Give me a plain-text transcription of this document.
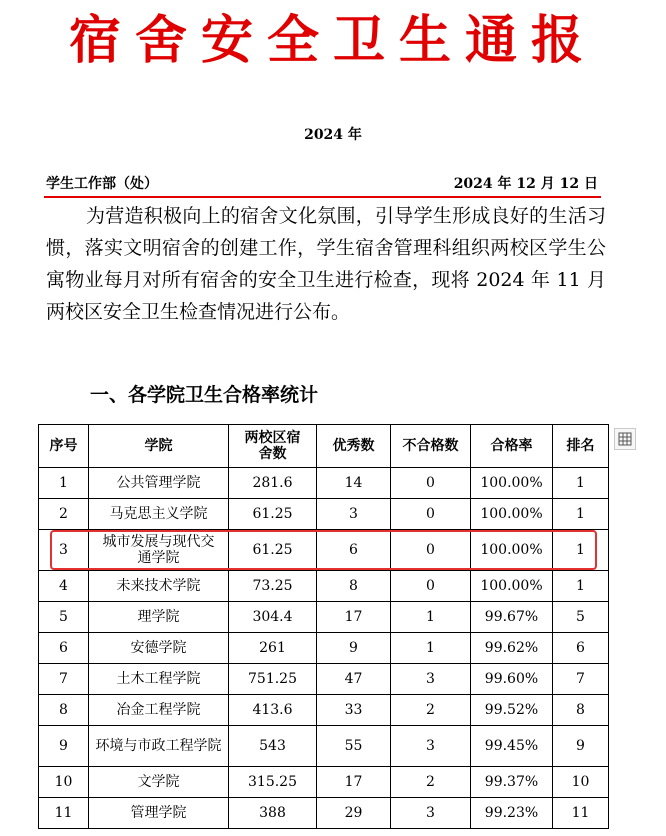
宿舍安全卫生通报
2024 年
学生工作部（处）	2024 年 12 月 12 日

为营造积极向上的宿舍文化氛围，引导学生形成良好的生活习惯，落实文明宿舍的创建工作，学生宿舍管理科组织两校区学生公寓物业每月对所有宿舍的安全卫生进行检查，现将 2024 年 11 月两校区安全卫生检查情况进行公布。

一、各学院卫生合格率统计
序号	学院	两校区宿舍数	优秀数	不合格数	合格率	排名
1	公共管理学院	281.6	14	0	100.00%	1
2	马克思主义学院	61.25	3	0	100.00%	1
3	城市发展与现代交通学院	61.25	6	0	100.00%	1
4	未来技术学院	73.25	8	0	100.00%	1
5	理学院	304.4	17	1	99.67%	5
6	安德学院	261	9	1	99.62%	6
7	土木工程学院	751.25	47	3	99.60%	7
8	冶金工程学院	413.6	33	2	99.52%	8
9	环境与市政工程学院	543	55	3	99.45%	9
10	文学院	315.25	17	2	99.37%	10
11	管理学院	388	29	3	99.23%	11
